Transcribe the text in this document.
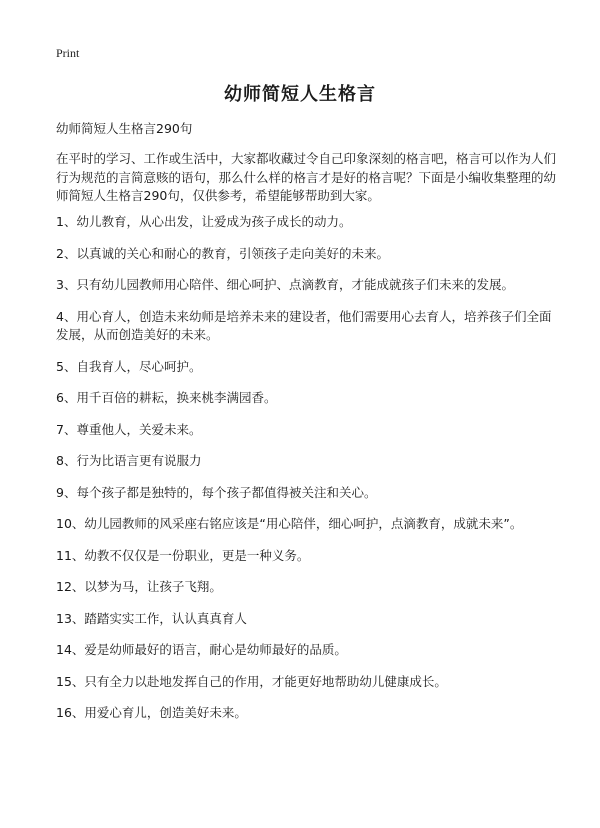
Print
幼师简短人生格言

幼师简短人生格言290句

在平时的学习、工作或生活中，大家都收藏过令自己印象深刻的格言吧，格言可以作为人们行为规范的言简意赅的语句，那么什么样的格言才是好的格言呢？下面是小编收集整理的幼师简短人生格言290句，仅供参考，希望能够帮助到大家。

1、幼儿教育，从心出发，让爱成为孩子成长的动力。
2、以真诚的关心和耐心的教育，引领孩子走向美好的未来。
3、只有幼儿园教师用心陪伴、细心呵护、点滴教育，才能成就孩子们未来的发展。
4、用心育人，创造未来幼师是培养未来的建设者，他们需要用心去育人，培养孩子们全面发展，从而创造美好的未来。
5、自我育人，尽心呵护。
6、用千百倍的耕耘，换来桃李满园香。
7、尊重他人，关爱未来。
8、行为比语言更有说服力
9、每个孩子都是独特的，每个孩子都值得被关注和关心。
10、幼儿园教师的风采座右铭应该是“用心陪伴，细心呵护，点滴教育，成就未来”。
11、幼教不仅仅是一份职业，更是一种义务。
12、以梦为马，让孩子飞翔。
13、踏踏实实工作，认认真真育人
14、爱是幼师最好的语言，耐心是幼师最好的品质。
15、只有全力以赴地发挥自己的作用，才能更好地帮助幼儿健康成长。
16、用爱心育儿，创造美好未来。
